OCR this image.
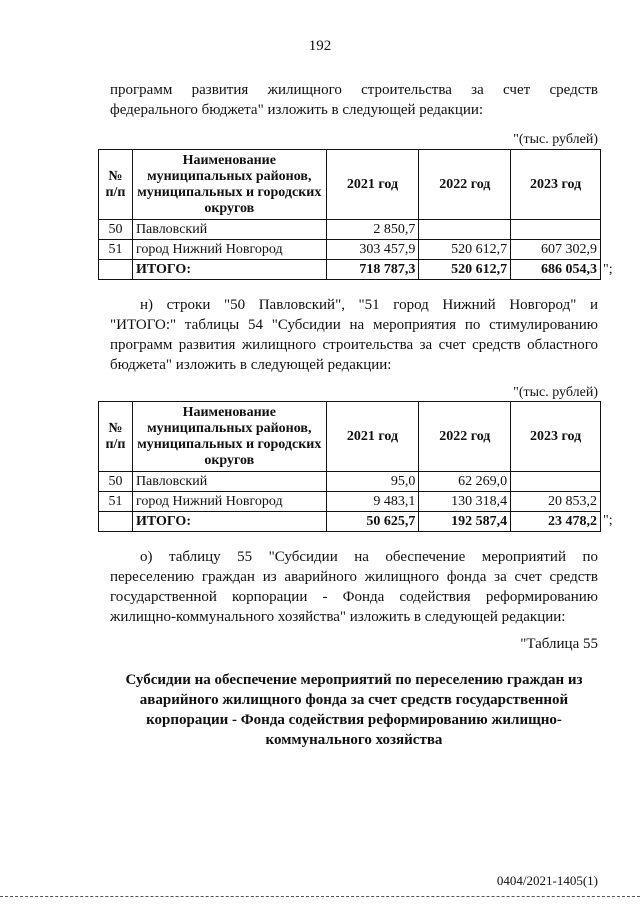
192
программ развития жилищного строительства за счет средств
федерального бюджета" изложить в следующей редакции:
"(тыс. рублей)
№ п/п	Наименование муниципальных районов, муниципальных и городских округов	2021 год	2022 год	2023 год
50	Павловский	2 850,7		
51	город Нижний Новгород	303 457,9	520 612,7	607 302,9
	ИТОГО:	718 787,3	520 612,7	686 054,3 ";
н) строки "50 Павловский", "51 город Нижний Новгород" и
"ИТОГО:" таблицы 54 "Субсидии на мероприятия по стимулированию
программ развития жилищного строительства за счет средств областного
бюджета" изложить в следующей редакции:
"(тыс. рублей)
№ п/п	Наименование муниципальных районов, муниципальных и городских округов	2021 год	2022 год	2023 год
50	Павловский	95,0	62 269,0	
51	город Нижний Новгород	9 483,1	130 318,4	20 853,2
	ИТОГО:	50 625,7	192 587,4	23 478,2 ";
о) таблицу 55 "Субсидии на обеспечение мероприятий по
переселению граждан из аварийного жилищного фонда за счет средств
государственной корпорации - Фонда содействия реформированию
жилищно-коммунального хозяйства" изложить в следующей редакции:
"Таблица 55
Субсидии на обеспечение мероприятий по переселению граждан из
аварийного жилищного фонда за счет средств государственной
корпорации - Фонда содействия реформированию жилищно-
коммунального хозяйства
0404/2021-1405(1)
